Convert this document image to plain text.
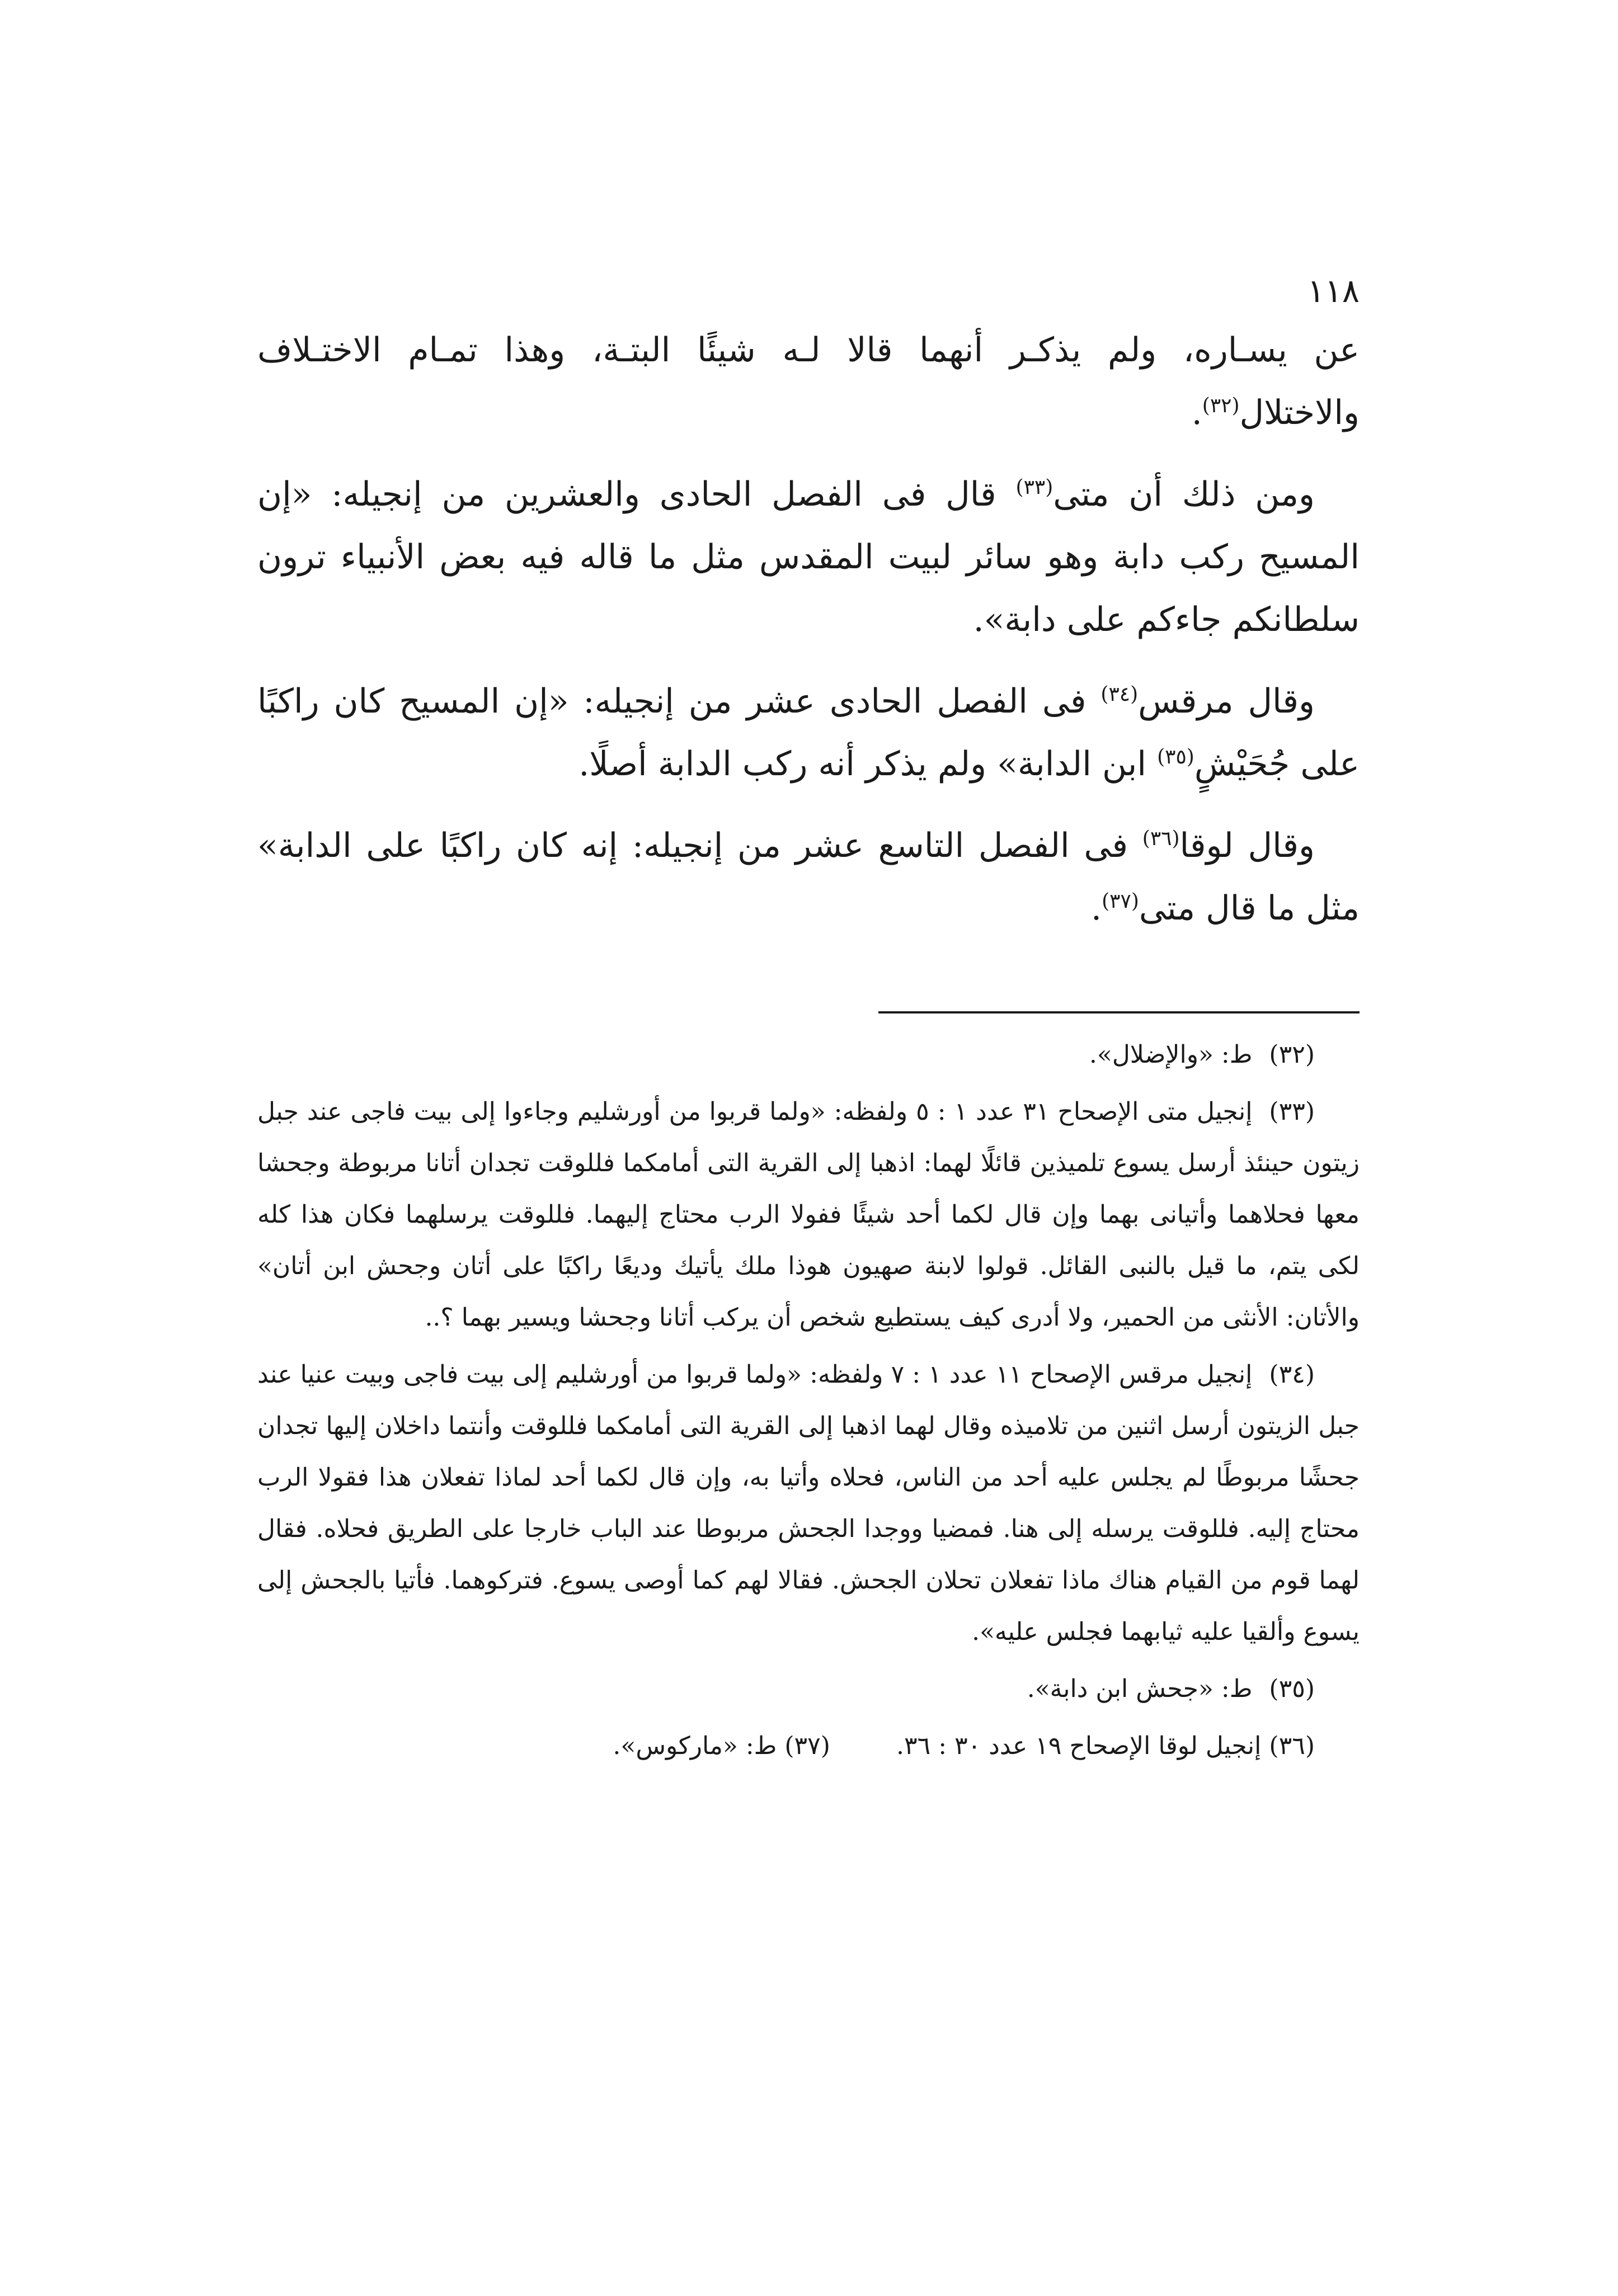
١١٨

عن يسـاره، ولم يذكـر أنهما قالا لـه شيئًا البتـة، وهذا تمـام الاختـلاف والاختلال$^{(٣٢)}$.

ومن ذلك أن متى$^{(٣٣)}$ قال فى الفصل الحادى والعشرين من إنجيله: «إن المسيح ركب دابة وهو سائر لبيت المقدس مثل ما قاله فيه بعض الأنبياء ترون سلطانكم جاءكم على دابة».

وقال مرقس$^{(٣٤)}$ فى الفصل الحادى عشر من إنجيله: «إن المسيح كان راكبًا على جُحَيْشٍ$^{(٣٥)}$ ابن الدابة» ولم يذكر أنه ركب الدابة أصلًا.

وقال لوقا$^{(٣٦)}$ فى الفصل التاسع عشر من إنجيله: إنه كان راكبًا على الدابة» مثل ما قال متى$^{(٣٧)}$.

(٣٢)ط: «والإضلال».

(٣٣)إنجيل متى الإصحاح ٣١ عدد ١ : ٥ ولفظه: «ولما قربوا من أورشليم وجاءوا إلى بيت فاجى عند جبل زيتون حينئذ أرسل يسوع تلميذين قائلًا لهما: اذهبا إلى القرية التى أمامكما فللوقت تجدان أتانا مربوطة وجحشا معها فحلاهما وأتيانى بهما وإن قال لكما أحد شيئًا ففولا الرب محتاج إليهما. فللوقت يرسلهما فكان هذا كله لكى يتم، ما قيل بالنبى القائل. قولوا لابنة صهيون هوذا ملك يأتيك وديعًا راكبًا على أتان وجحش ابن أتان» والأتان: الأنثى من الحمير، ولا أدرى كيف يستطيع شخص أن يركب أتانا وجحشا ويسير بهما ؟..

(٣٤)إنجيل مرقس الإصحاح ١١ عدد ١ : ٧ ولفظه: «ولما قربوا من أورشليم إلى بيت فاجى وبيت عنيا عند جبل الزيتون أرسل اثنين من تلاميذه وقال لهما اذهبا إلى القرية التى أمامكما فللوقت وأنتما داخلان إليها تجدان جحشًا مربوطًا لم يجلس عليه أحد من الناس، فحلاه وأتيا به، وإن قال لكما أحد لماذا تفعلان هذا فقولا الرب محتاج إليه. فللوقت يرسله إلى هنا. فمضيا ووجدا الجحش مربوطا عند الباب خارجا على الطريق فحلاه. فقال لهما قوم من القيام هناك ماذا تفعلان تحلان الجحش. فقالا لهم كما أوصى يسوع. فتركوهما. فأتيا بالجحش إلى يسوع وألقيا عليه ثيابهما فجلس عليه».

(٣٥)ط: «جحش ابن دابة».

(٣٦) إنجيل لوقا الإصحاح ١٩ عدد ٣٠ : ٣٦.  (٣٧) ط: «ماركوس».
